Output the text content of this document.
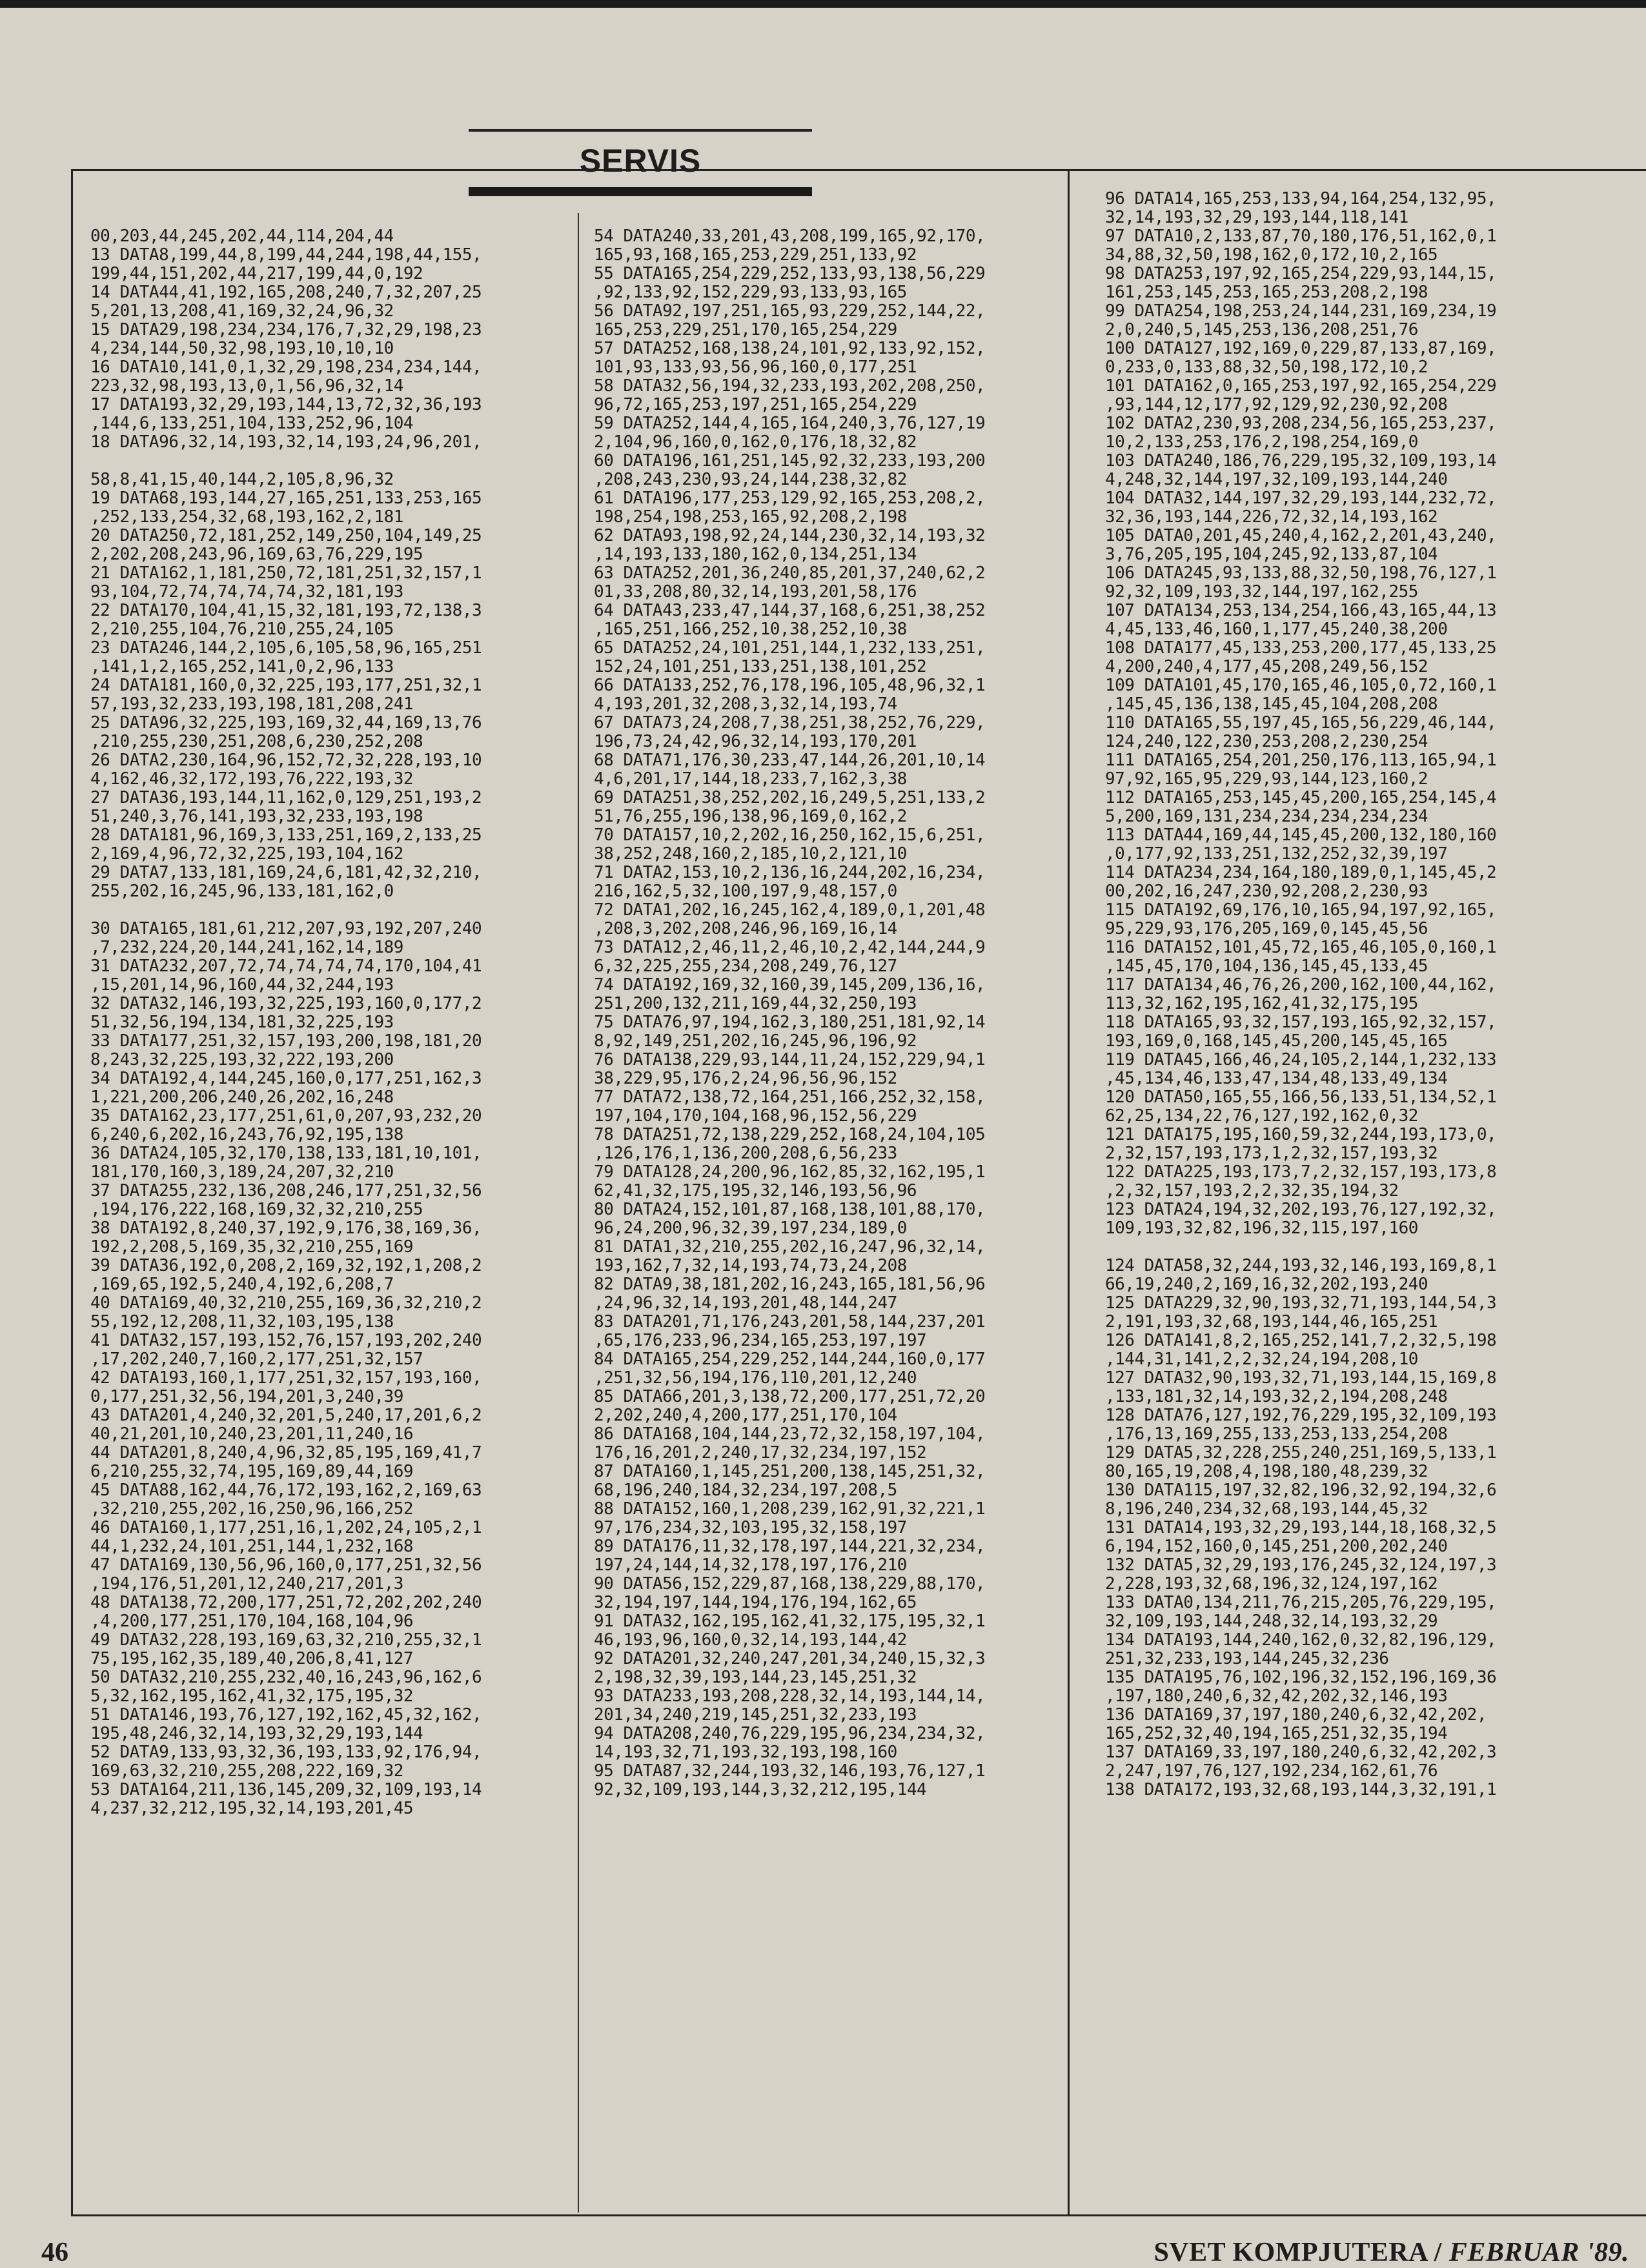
SERVIS
00,203,44,245,202,44,114,204,44
13 DATA8,199,44,8,199,44,244,198,44,155,
199,44,151,202,44,217,199,44,0,192
14 DATA44,41,192,165,208,240,7,32,207,25
5,201,13,208,41,169,32,24,96,32
15 DATA29,198,234,234,176,7,32,29,198,23
4,234,144,50,32,98,193,10,10,10
16 DATA10,141,0,1,32,29,198,234,234,144,
223,32,98,193,13,0,1,56,96,32,14
17 DATA193,32,29,193,144,13,72,32,36,193
,144,6,133,251,104,133,252,96,104
18 DATA96,32,14,193,32,14,193,24,96,201,
58,8,41,15,40,144,2,105,8,96,32
19 DATA68,193,144,27,165,251,133,253,165
,252,133,254,32,68,193,162,2,181
20 DATA250,72,181,252,149,250,104,149,25
2,202,208,243,96,169,63,76,229,195
21 DATA162,1,181,250,72,181,251,32,157,1
93,104,72,74,74,74,74,32,181,193
22 DATA170,104,41,15,32,181,193,72,138,3
2,210,255,104,76,210,255,24,105
23 DATA246,144,2,105,6,105,58,96,165,251
,141,1,2,165,252,141,0,2,96,133
24 DATA181,160,0,32,225,193,177,251,32,1
57,193,32,233,193,198,181,208,241
25 DATA96,32,225,193,169,32,44,169,13,76
,210,255,230,251,208,6,230,252,208
26 DATA2,230,164,96,152,72,32,228,193,10
4,162,46,32,172,193,76,222,193,32
27 DATA36,193,144,11,162,0,129,251,193,2
51,240,3,76,141,193,32,233,193,198
28 DATA181,96,169,3,133,251,169,2,133,25
2,169,4,96,72,32,225,193,104,162
29 DATA7,133,181,169,24,6,181,42,32,210,
255,202,16,245,96,133,181,162,0
30 DATA165,181,61,212,207,93,192,207,240
,7,232,224,20,144,241,162,14,189
31 DATA232,207,72,74,74,74,74,170,104,41
,15,201,14,96,160,44,32,244,193
32 DATA32,146,193,32,225,193,160,0,177,2
51,32,56,194,134,181,32,225,193
33 DATA177,251,32,157,193,200,198,181,20
8,243,32,225,193,32,222,193,200
34 DATA192,4,144,245,160,0,177,251,162,3
1,221,200,206,240,26,202,16,248
35 DATA162,23,177,251,61,0,207,93,232,20
6,240,6,202,16,243,76,92,195,138
36 DATA24,105,32,170,138,133,181,10,101,
181,170,160,3,189,24,207,32,210
37 DATA255,232,136,208,246,177,251,32,56
,194,176,222,168,169,32,32,210,255
38 DATA192,8,240,37,192,9,176,38,169,36,
192,2,208,5,169,35,32,210,255,169
39 DATA36,192,0,208,2,169,32,192,1,208,2
,169,65,192,5,240,4,192,6,208,7
40 DATA169,40,32,210,255,169,36,32,210,2
55,192,12,208,11,32,103,195,138
41 DATA32,157,193,152,76,157,193,202,240
,17,202,240,7,160,2,177,251,32,157
42 DATA193,160,1,177,251,32,157,193,160,
0,177,251,32,56,194,201,3,240,39
43 DATA201,4,240,32,201,5,240,17,201,6,2
40,21,201,10,240,23,201,11,240,16
44 DATA201,8,240,4,96,32,85,195,169,41,7
6,210,255,32,74,195,169,89,44,169
45 DATA88,162,44,76,172,193,162,2,169,63
,32,210,255,202,16,250,96,166,252
46 DATA160,1,177,251,16,1,202,24,105,2,1
44,1,232,24,101,251,144,1,232,168
47 DATA169,130,56,96,160,0,177,251,32,56
,194,176,51,201,12,240,217,201,3
48 DATA138,72,200,177,251,72,202,202,240
,4,200,177,251,170,104,168,104,96
49 DATA32,228,193,169,63,32,210,255,32,1
75,195,162,35,189,40,206,8,41,127
50 DATA32,210,255,232,40,16,243,96,162,6
5,32,162,195,162,41,32,175,195,32
51 DATA146,193,76,127,192,162,45,32,162,
195,48,246,32,14,193,32,29,193,144
52 DATA9,133,93,32,36,193,133,92,176,94,
169,63,32,210,255,208,222,169,32
53 DATA164,211,136,145,209,32,109,193,14
4,237,32,212,195,32,14,193,201,45
54 DATA240,33,201,43,208,199,165,92,170,
165,93,168,165,253,229,251,133,92
55 DATA165,254,229,252,133,93,138,56,229
,92,133,92,152,229,93,133,93,165
56 DATA92,197,251,165,93,229,252,144,22,
165,253,229,251,170,165,254,229
57 DATA252,168,138,24,101,92,133,92,152,
101,93,133,93,56,96,160,0,177,251
58 DATA32,56,194,32,233,193,202,208,250,
96,72,165,253,197,251,165,254,229
59 DATA252,144,4,165,164,240,3,76,127,19
2,104,96,160,0,162,0,176,18,32,82
60 DATA196,161,251,145,92,32,233,193,200
,208,243,230,93,24,144,238,32,82
61 DATA196,177,253,129,92,165,253,208,2,
198,254,198,253,165,92,208,2,198
62 DATA93,198,92,24,144,230,32,14,193,32
,14,193,133,180,162,0,134,251,134
63 DATA252,201,36,240,85,201,37,240,62,2
01,33,208,80,32,14,193,201,58,176
64 DATA43,233,47,144,37,168,6,251,38,252
,165,251,166,252,10,38,252,10,38
65 DATA252,24,101,251,144,1,232,133,251,
152,24,101,251,133,251,138,101,252
66 DATA133,252,76,178,196,105,48,96,32,1
4,193,201,32,208,3,32,14,193,74
67 DATA73,24,208,7,38,251,38,252,76,229,
196,73,24,42,96,32,14,193,170,201
68 DATA71,176,30,233,47,144,26,201,10,14
4,6,201,17,144,18,233,7,162,3,38
69 DATA251,38,252,202,16,249,5,251,133,2
51,76,255,196,138,96,169,0,162,2
70 DATA157,10,2,202,16,250,162,15,6,251,
38,252,248,160,2,185,10,2,121,10
71 DATA2,153,10,2,136,16,244,202,16,234,
216,162,5,32,100,197,9,48,157,0
72 DATA1,202,16,245,162,4,189,0,1,201,48
,208,3,202,208,246,96,169,16,14
73 DATA12,2,46,11,2,46,10,2,42,144,244,9
6,32,225,255,234,208,249,76,127
74 DATA192,169,32,160,39,145,209,136,16,
251,200,132,211,169,44,32,250,193
75 DATA76,97,194,162,3,180,251,181,92,14
8,92,149,251,202,16,245,96,196,92
76 DATA138,229,93,144,11,24,152,229,94,1
38,229,95,176,2,24,96,56,96,152
77 DATA72,138,72,164,251,166,252,32,158,
197,104,170,104,168,96,152,56,229
78 DATA251,72,138,229,252,168,24,104,105
,126,176,1,136,200,208,6,56,233
79 DATA128,24,200,96,162,85,32,162,195,1
62,41,32,175,195,32,146,193,56,96
80 DATA24,152,101,87,168,138,101,88,170,
96,24,200,96,32,39,197,234,189,0
81 DATA1,32,210,255,202,16,247,96,32,14,
193,162,7,32,14,193,74,73,24,208
82 DATA9,38,181,202,16,243,165,181,56,96
,24,96,32,14,193,201,48,144,247
83 DATA201,71,176,243,201,58,144,237,201
,65,176,233,96,234,165,253,197,197
84 DATA165,254,229,252,144,244,160,0,177
,251,32,56,194,176,110,201,12,240
85 DATA66,201,3,138,72,200,177,251,72,20
2,202,240,4,200,177,251,170,104
86 DATA168,104,144,23,72,32,158,197,104,
176,16,201,2,240,17,32,234,197,152
87 DATA160,1,145,251,200,138,145,251,32,
68,196,240,184,32,234,197,208,5
88 DATA152,160,1,208,239,162,91,32,221,1
97,176,234,32,103,195,32,158,197
89 DATA176,11,32,178,197,144,221,32,234,
197,24,144,14,32,178,197,176,210
90 DATA56,152,229,87,168,138,229,88,170,
32,194,197,144,194,176,194,162,65
91 DATA32,162,195,162,41,32,175,195,32,1
46,193,96,160,0,32,14,193,144,42
92 DATA201,32,240,247,201,34,240,15,32,3
2,198,32,39,193,144,23,145,251,32
93 DATA233,193,208,228,32,14,193,144,14,
201,34,240,219,145,251,32,233,193
94 DATA208,240,76,229,195,96,234,234,32,
14,193,32,71,193,32,193,198,160
95 DATA87,32,244,193,32,146,193,76,127,1
92,32,109,193,144,3,32,212,195,144
96 DATA14,165,253,133,94,164,254,132,95,
32,14,193,32,29,193,144,118,141
97 DATA10,2,133,87,70,180,176,51,162,0,1
34,88,32,50,198,162,0,172,10,2,165
98 DATA253,197,92,165,254,229,93,144,15,
161,253,145,253,165,253,208,2,198
99 DATA254,198,253,24,144,231,169,234,19
2,0,240,5,145,253,136,208,251,76
100 DATA127,192,169,0,229,87,133,87,169,
0,233,0,133,88,32,50,198,172,10,2
101 DATA162,0,165,253,197,92,165,254,229
,93,144,12,177,92,129,92,230,92,208
102 DATA2,230,93,208,234,56,165,253,237,
10,2,133,253,176,2,198,254,169,0
103 DATA240,186,76,229,195,32,109,193,14
4,248,32,144,197,32,109,193,144,240
104 DATA32,144,197,32,29,193,144,232,72,
32,36,193,144,226,72,32,14,193,162
105 DATA0,201,45,240,4,162,2,201,43,240,
3,76,205,195,104,245,92,133,87,104
106 DATA245,93,133,88,32,50,198,76,127,1
92,32,109,193,32,144,197,162,255
107 DATA134,253,134,254,166,43,165,44,13
4,45,133,46,160,1,177,45,240,38,200
108 DATA177,45,133,253,200,177,45,133,25
4,200,240,4,177,45,208,249,56,152
109 DATA101,45,170,165,46,105,0,72,160,1
,145,45,136,138,145,45,104,208,208
110 DATA165,55,197,45,165,56,229,46,144,
124,240,122,230,253,208,2,230,254
111 DATA165,254,201,250,176,113,165,94,1
97,92,165,95,229,93,144,123,160,2
112 DATA165,253,145,45,200,165,254,145,4
5,200,169,131,234,234,234,234,234
113 DATA44,169,44,145,45,200,132,180,160
,0,177,92,133,251,132,252,32,39,197
114 DATA234,234,164,180,189,0,1,145,45,2
00,202,16,247,230,92,208,2,230,93
115 DATA192,69,176,10,165,94,197,92,165,
95,229,93,176,205,169,0,145,45,56
116 DATA152,101,45,72,165,46,105,0,160,1
,145,45,170,104,136,145,45,133,45
117 DATA134,46,76,26,200,162,100,44,162,
113,32,162,195,162,41,32,175,195
118 DATA165,93,32,157,193,165,92,32,157,
193,169,0,168,145,45,200,145,45,165
119 DATA45,166,46,24,105,2,144,1,232,133
,45,134,46,133,47,134,48,133,49,134
120 DATA50,165,55,166,56,133,51,134,52,1
62,25,134,22,76,127,192,162,0,32
121 DATA175,195,160,59,32,244,193,173,0,
2,32,157,193,173,1,2,32,157,193,32
122 DATA225,193,173,7,2,32,157,193,173,8
,2,32,157,193,2,2,32,35,194,32
123 DATA24,194,32,202,193,76,127,192,32,
109,193,32,82,196,32,115,197,160
124 DATA58,32,244,193,32,146,193,169,8,1
66,19,240,2,169,16,32,202,193,240
125 DATA229,32,90,193,32,71,193,144,54,3
2,191,193,32,68,193,144,46,165,251
126 DATA141,8,2,165,252,141,7,2,32,5,198
,144,31,141,2,2,32,24,194,208,10
127 DATA32,90,193,32,71,193,144,15,169,8
,133,181,32,14,193,32,2,194,208,248
128 DATA76,127,192,76,229,195,32,109,193
,176,13,169,255,133,253,133,254,208
129 DATA5,32,228,255,240,251,169,5,133,1
80,165,19,208,4,198,180,48,239,32
130 DATA115,197,32,82,196,32,92,194,32,6
8,196,240,234,32,68,193,144,45,32
131 DATA14,193,32,29,193,144,18,168,32,5
6,194,152,160,0,145,251,200,202,240
132 DATA5,32,29,193,176,245,32,124,197,3
2,228,193,32,68,196,32,124,197,162
133 DATA0,134,211,76,215,205,76,229,195,
32,109,193,144,248,32,14,193,32,29
134 DATA193,144,240,162,0,32,82,196,129,
251,32,233,193,144,245,32,236
135 DATA195,76,102,196,32,152,196,169,36
,197,180,240,6,32,42,202,32,146,193
136 DATA169,37,197,180,240,6,32,42,202,
165,252,32,40,194,165,251,32,35,194
137 DATA169,33,197,180,240,6,32,42,202,3
2,247,197,76,127,192,234,162,61,76
138 DATA172,193,32,68,193,144,3,32,191,1
46	SVET KOMPJUTERA / FEBRUAR '89.
